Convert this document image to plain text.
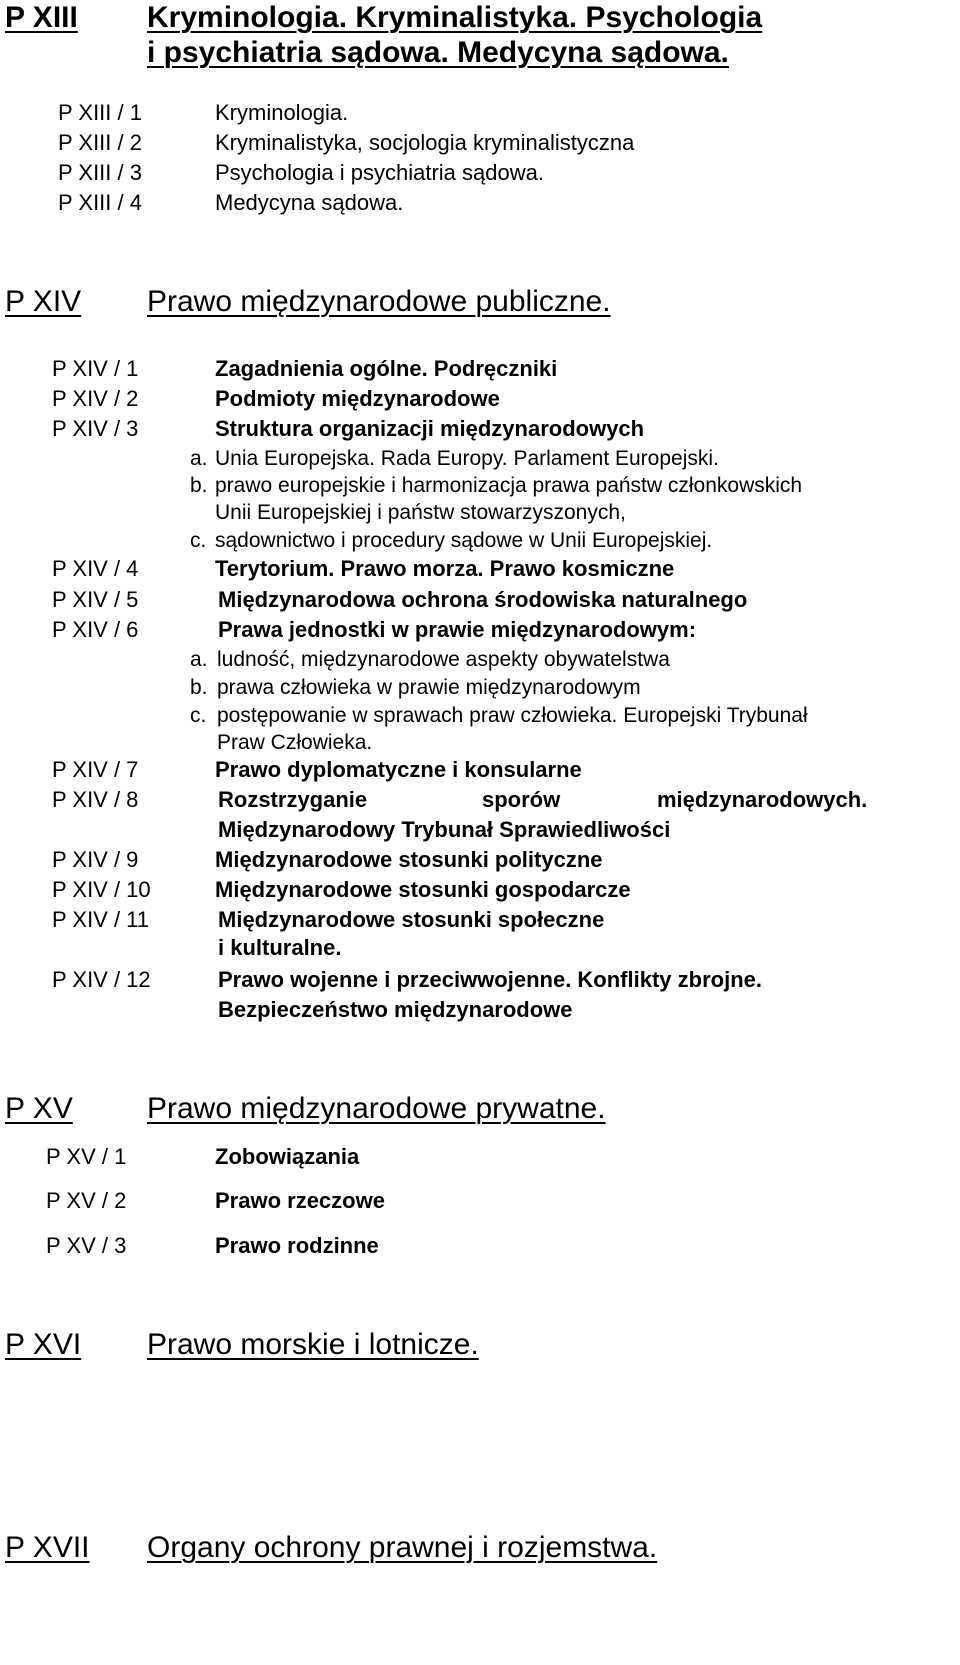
P XIII Kryminologia. Kryminalistyka. Psychologia
i psychiatria sądowa. Medycyna sądowa.
P XIII / 1	Kryminologia.
P XIII / 2	Kryminalistyka, socjologia kryminalistyczna
P XIII / 3	Psychologia i psychiatria sądowa.
P XIII / 4	Medycyna sądowa.
P XIV	Prawo międzynarodowe publiczne.
P XIV / 1	Zagadnienia ogólne. Podręczniki
P XIV / 2	Podmioty międzynarodowe
P XIV / 3	Struktura organizacji międzynarodowych
a. Unia Europejska. Rada Europy. Parlament Europejski.
b. prawo europejskie i harmonizacja prawa państw członkowskich
Unii Europejskiej i państw stowarzyszonych,
c. sądownictwo i procedury sądowe w Unii Europejskiej.
P XIV / 4	Terytorium. Prawo morza. Prawo kosmiczne
P XIV / 5	Międzynarodowa ochrona środowiska naturalnego
P XIV / 6	Prawa jednostki w prawie międzynarodowym:
a. ludność, międzynarodowe aspekty obywatelstwa
b. prawa człowieka w prawie międzynarodowym
c. postępowanie w sprawach praw człowieka. Europejski Trybunał
Praw Człowieka.
P XIV / 7	Prawo dyplomatyczne i konsularne
P XIV / 8	Rozstrzyganie	sporów	międzynarodowych.
Międzynarodowy Trybunał Sprawiedliwości
P XIV / 9	Międzynarodowe stosunki polityczne
P XIV / 10	Międzynarodowe stosunki gospodarcze
P XIV / 11	Międzynarodowe stosunki społeczne
i kulturalne.
P XIV / 12	Prawo wojenne i przeciwwojenne. Konflikty zbrojne.
Bezpieczeństwo międzynarodowe
P XV	Prawo międzynarodowe prywatne.
P XV / 1	Zobowiązania
P XV / 2	Prawo rzeczowe
P XV / 3	Prawo rodzinne
P XVI	Prawo morskie i lotnicze.
P XVII	Organy ochrony prawnej i rozjemstwa.
